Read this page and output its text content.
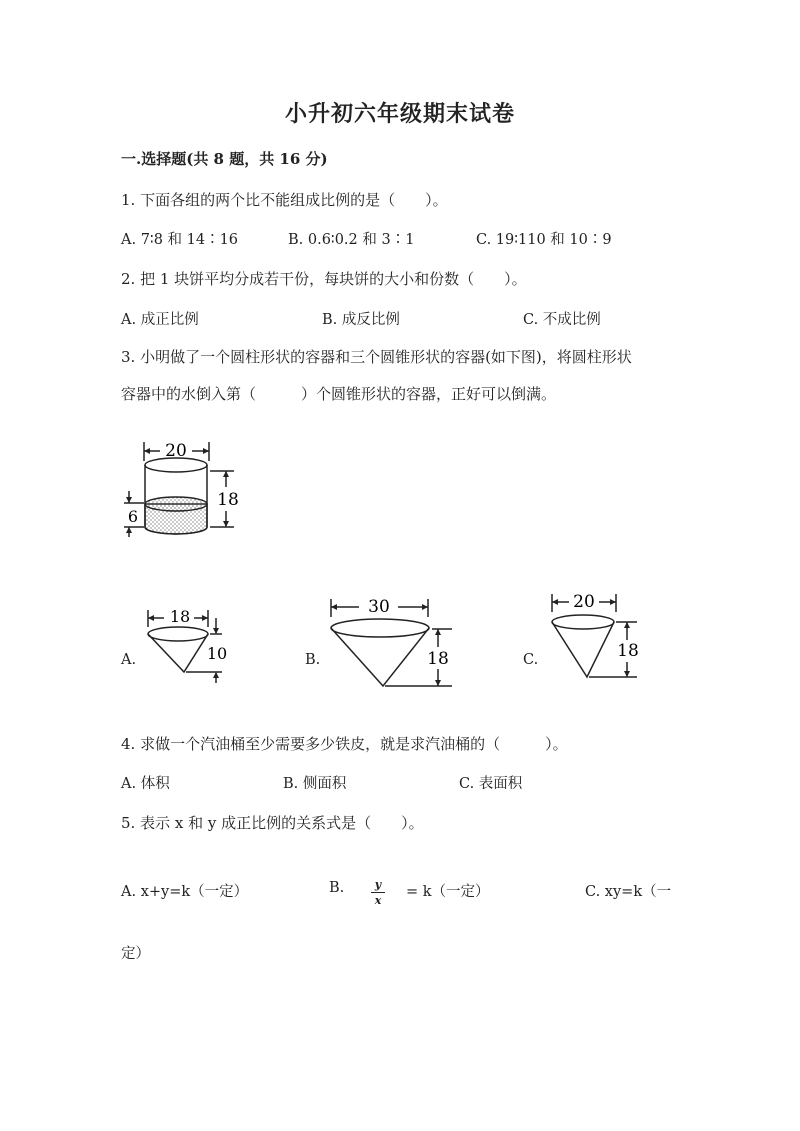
小升初六年级期末试卷
一.选择题(共 8 题，共 16 分)
1. 下面各组的两个比不能组成比例的是（　　）。
A. 7∶8 和 14∶16	B. 0.6∶0.2 和 3∶1	C. 19∶110 和 10∶9
2. 把 1 块饼平均分成若干份，每块饼的大小和份数（　　）。
A. 成正比例	B. 成反比例	C. 不成比例
3. 小明做了一个圆柱形状的容器和三个圆锥形状的容器(如下图)，将圆柱形状
容器中的水倒入第（　　　）个圆锥形状的容器，正好可以倒满。
20
18
6
A.
18
10	B.
30
18	C.
20
18
4. 求做一个汽油桶至少需要多少铁皮，就是求汽油桶的（　　　）。
A. 体积	B. 侧面积	C. 表面积
5. 表示 x 和 y 成正比例的关系式是（　　）。
A. x+y=k（一定）	B.	y
x
= k（一定）	C. xy=k（一
定）
